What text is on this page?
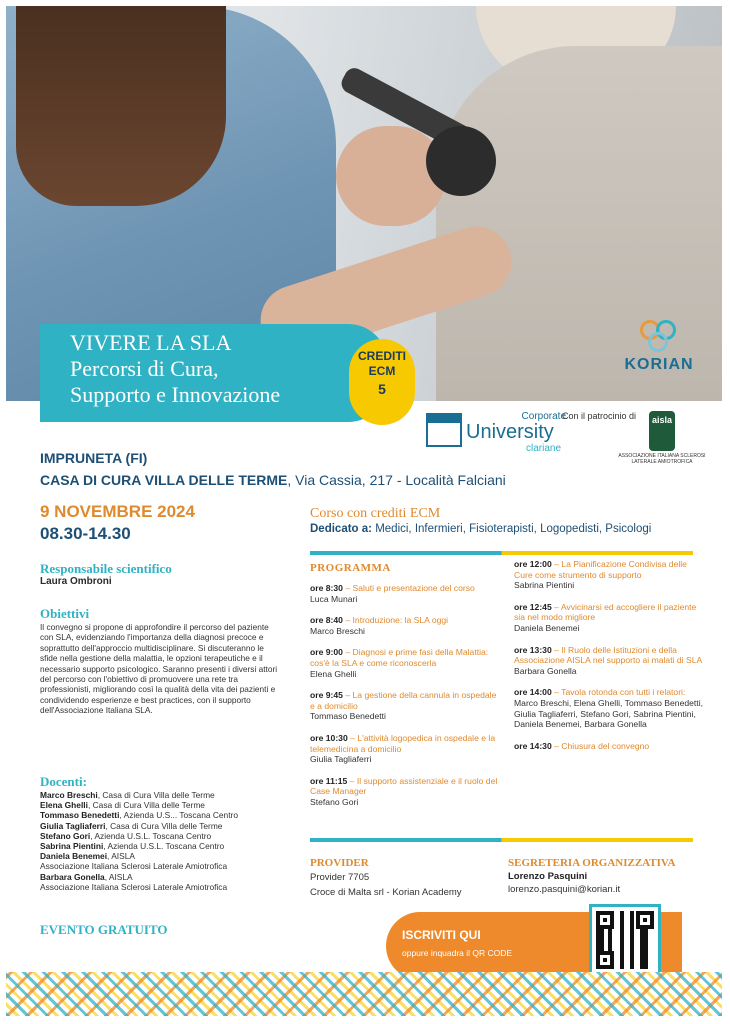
VIVERE LA SLA
Percorsi di Cura,
Supporto e Innovazione
CREDITI
ECM
5
KORIAN
Corporate
University
clariane
Con il patrocinio di	aisla
ASSOCIAZIONE ITALIANA SCLEROSI LATERALE AMIOTROFICA
IMPRUNETA (FI)
CASA DI CURA VILLA DELLE TERME, Via Cassia, 217 - Località Falciani
9 NOVEMBRE 2024
08.30-14.30
Corso con crediti ECM
Dedicato a: Medici, Infermieri, Fisioterapisti, Logopedisti, Psicologi
Responsabile scientifico
Laura Ombroni
Obiettivi
Il convegno si propone di approfondire il percorso del paziente con SLA, evidenziando l'importanza della diagnosi precoce e soprattutto dell'approccio multidisciplinare. Si discuteranno le sfide nella gestione della malattia, le opzioni terapeutiche e il necessario supporto psicologico. Saranno presenti i diversi attori del percorso con l'obiettivo di promuovere una rete tra professionisti, migliorando così la qualità della vita dei pazienti e condividendo esperienze e best practices, con il supporto dell'Associazione Italiana SLA.
Docenti:
Marco Breschi, Casa di Cura Villa delle Terme
Elena Ghelli, Casa di Cura Villa delle Terme
Tommaso Benedetti, Azienda U.S... Toscana Centro
Giulia Tagliaferri, Casa di Cura Villa delle Terme
Stefano Gori, Azienda U.S.L. Toscana Centro
Sabrina Pientini, Azienda U.S.L. Toscana Centro
Daniela Benemei, AISLA
Associazione Italiana Sclerosi Laterale Amiotrofica
Barbara Gonella, AISLA
Associazione Italiana Sclerosi Laterale Amiotrofica
EVENTO GRATUITO
PROGRAMMA
ore 8:30 – Saluti e presentazione del corso
Luca Munari
ore 8:40 – Introduzione: la SLA oggi
Marco Breschi
ore 9:00 – Diagnosi e prime fasi della Malattia: cos'è la SLA e come riconoscerla
Elena Ghelli
ore 9:45 – La gestione della cannula in ospedale e a domicilio
Tommaso Benedetti
ore 10:30 – L'attività logopedica in ospedale e la telemedicina a domicilio
Giulia Tagliaferri
ore 11:15 – Il supporto assistenziale e il ruolo del Case Manager
Stefano Gori
ore 12:00 – La Pianificazione Condivisa delle Cure come strumento di supporto
Sabrina Pientini
ore 12:45 – Avvicinarsi ed accogliere il paziente sia nel modo migliore
Daniela Benemei
ore 13:30 – Il Ruolo delle Istituzioni e della Associazione AISLA nel supporto ai malati di SLA
Barbara Gonella
ore 14:00 – Tavola rotonda con tutti i relatori: Marco Breschi, Elena Ghelli, Tommaso Benedetti, Giulia Tagliaferri, Stefano Gori, Sabrina Pientini, Daniela Benemei, Barbara Gonella
ore 14:30 – Chiusura del convegno
PROVIDER
Provider 7705
Croce di Malta srl - Korian Academy
SEGRETERIA ORGANIZZATIVA
Lorenzo Pasquini
lorenzo.pasquini@korian.it
ISCRIVITI QUI
oppure inquadra il QR CODE
